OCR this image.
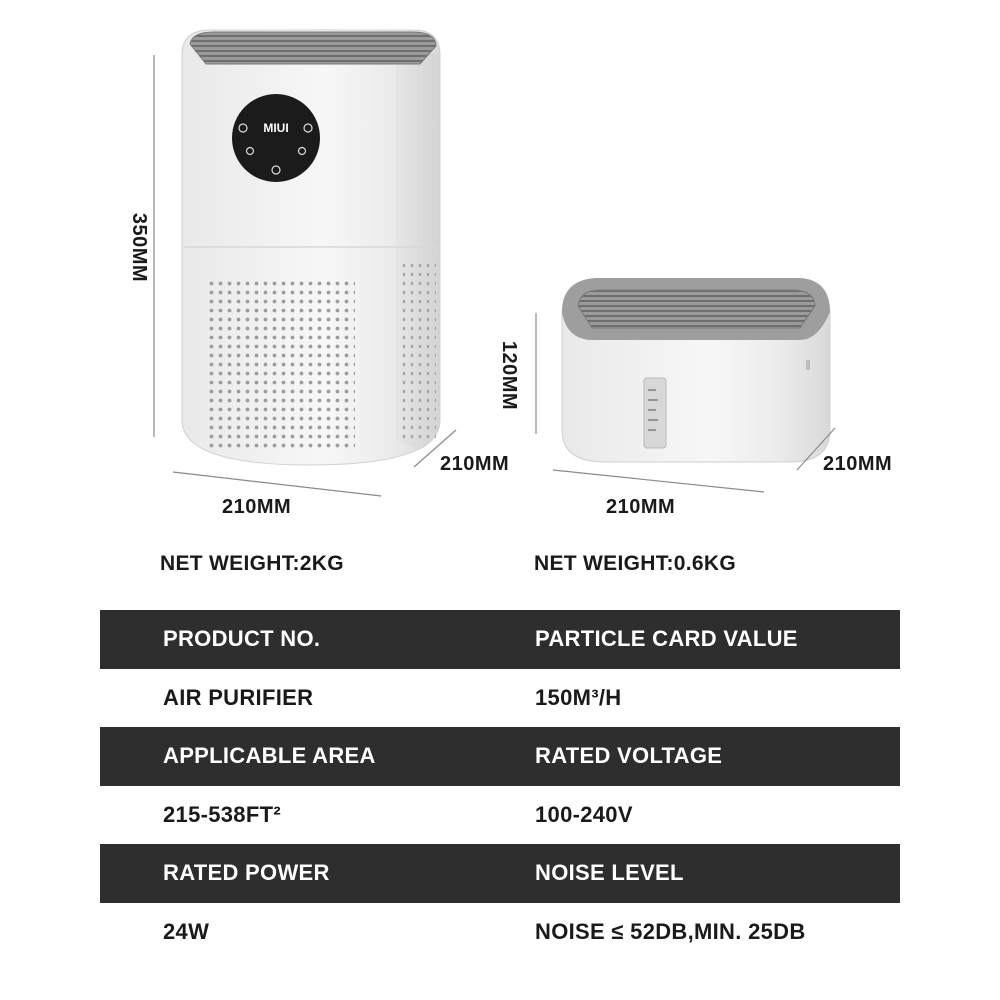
MIUI
350MM
210MM
210MM
120MM
210MM
210MM
NET WEIGHT:2KG	NET WEIGHT:0.6KG
PRODUCT NO.	PARTICLE CARD VALUE
AIR PURIFIER	150M³/H
APPLICABLE AREA	RATED VOLTAGE
215-538FT²	100-240V
RATED POWER	NOISE LEVEL
24W	NOISE ≤ 52DB,MIN. 25DB
